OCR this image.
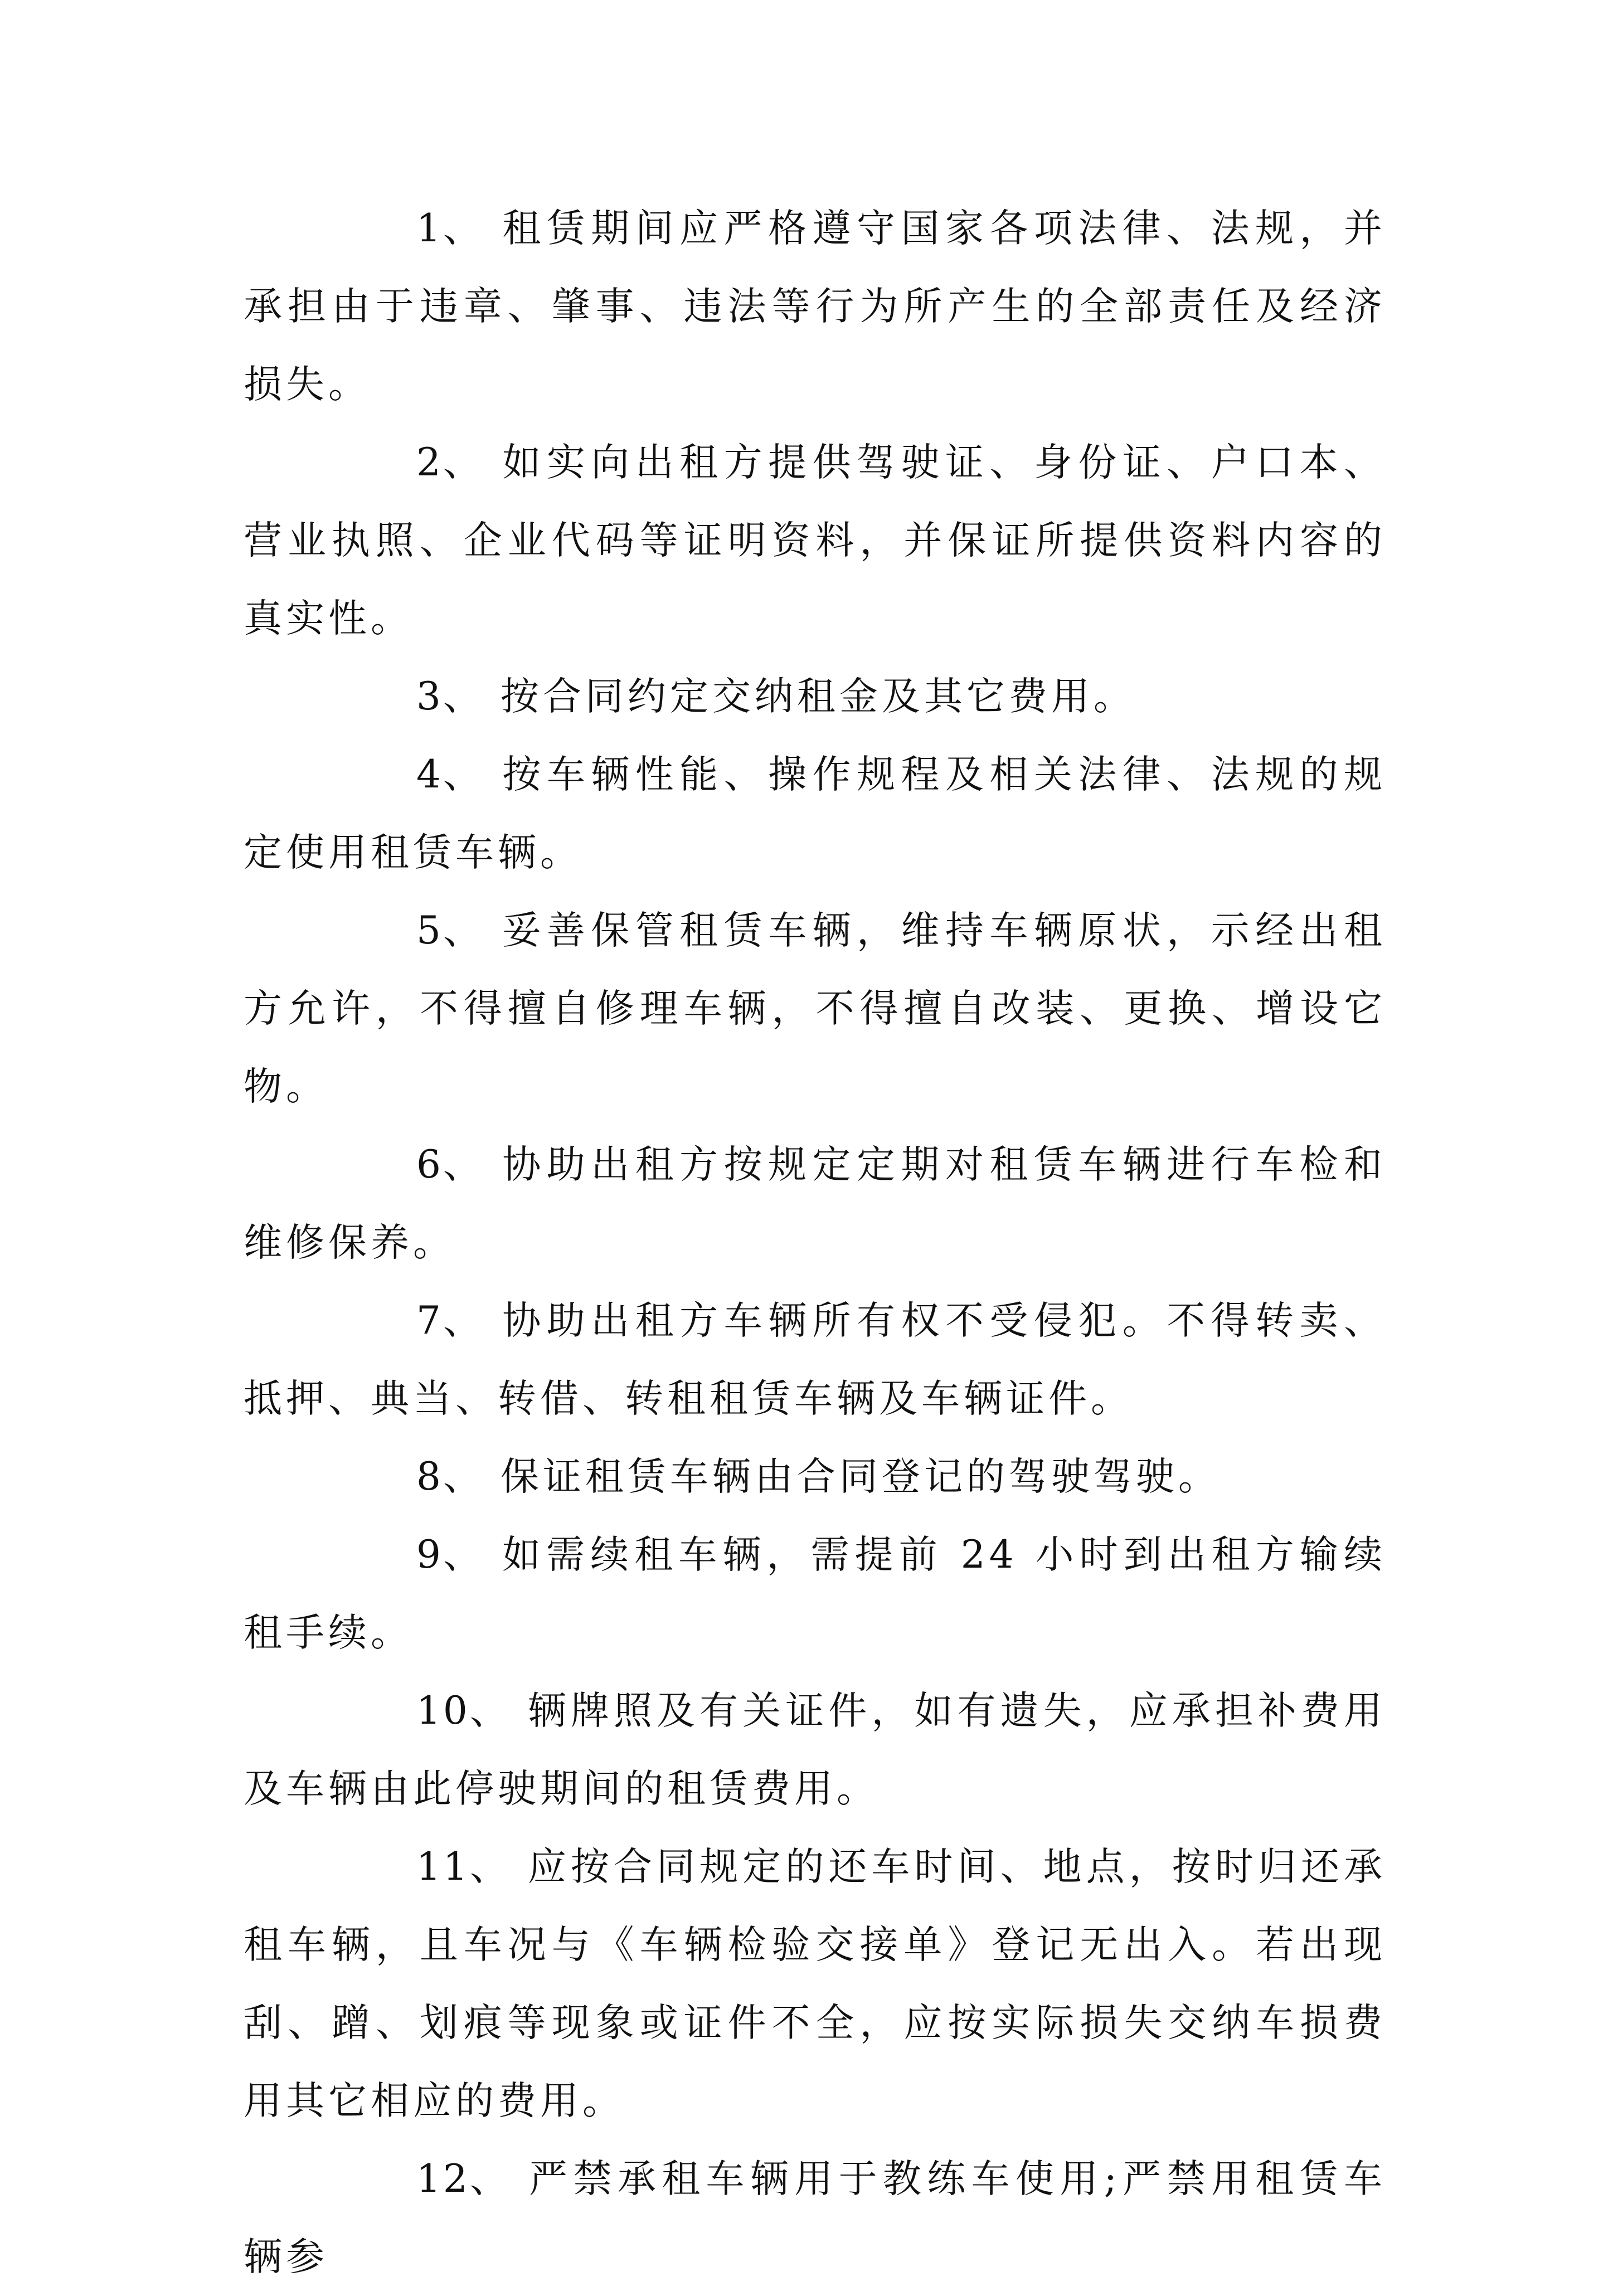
1、 租赁期间应严格遵守国家各项法律、法规，并承担由于违章、肇事、违法等行为所产生的全部责任及经济损失。

2、 如实向出租方提供驾驶证、身份证、户口本、营业执照、企业代码等证明资料，并保证所提供资料内容的真实性。

3、 按合同约定交纳租金及其它费用。

4、 按车辆性能、操作规程及相关法律、法规的规定使用租赁车辆。

5、 妥善保管租赁车辆，维持车辆原状，示经出租方允许，不得擅自修理车辆，不得擅自改装、更换、增设它物。

6、 协助出租方按规定定期对租赁车辆进行车检和维修保养。

7、 协助出租方车辆所有权不受侵犯。不得转卖、抵押、典当、转借、转租租赁车辆及车辆证件。

8、 保证租赁车辆由合同登记的驾驶驾驶。

9、 如需续租车辆，需提前 24 小时到出租方输续租手续。

10、 辆牌照及有关证件，如有遗失，应承担补费用及车辆由此停驶期间的租赁费用。

11、 应按合同规定的还车时间、地点，按时归还承租车辆，且车况与《车辆检验交接单》登记无出入。若出现刮、蹭、划痕等现象或证件不全，应按实际损失交纳车损费用其它相应的费用。

12、 严禁承租车辆用于教练车使用;严禁用租赁车辆参
